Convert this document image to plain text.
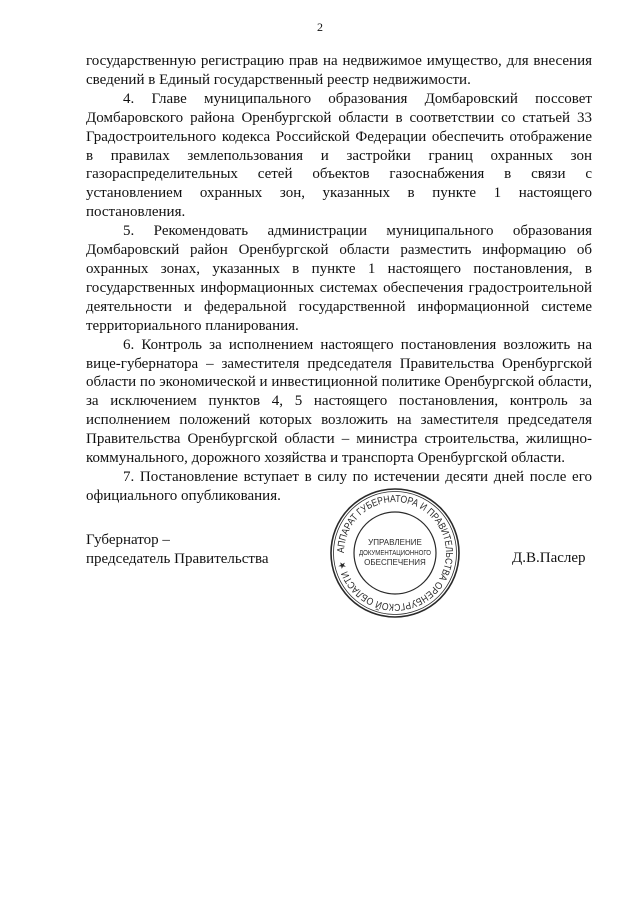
2

государственную регистрацию прав на недвижимое имущество, для внесения сведений в Единый государственный реестр недвижимости.

4. Главе муниципального образования Домбаровский поссовет Домбаровского района Оренбургской области в соответствии со статьей 33 Градостроительного кодекса Российской Федерации обеспечить отображение в правилах землепользования и застройки границ охранных зон газораспределительных сетей объектов газоснабжения в связи с установлением охранных зон, указанных в пункте 1 настоящего постановления.

5. Рекомендовать администрации муниципального образования Домбаровский район Оренбургской области разместить информацию об охранных зонах, указанных в пункте 1 настоящего постановления, в государственных информационных системах обеспечения градостроительной деятельности и федеральной государственной информационной системе территориального планирования.

6. Контроль за исполнением настоящего постановления возложить на вице-губернатора – заместителя председателя Правительства Оренбургской области по экономической и инвестиционной политике Оренбургской области, за исключением пунктов 4, 5 настоящего постановления, контроль за исполнением положений которых возложить на заместителя председателя Правительства Оренбургской области – министра строительства, жилищно-коммунального, дорожного хозяйства и транспорта Оренбургской области.

7. Постановление вступает в силу по истечении десяти дней после его официального опубликования.

Губернатор –
председатель Правительства	Д.В.Паслер
АППАРАТ ГУБЕРНАТОРА И ПРАВИТЕЛЬСТВА ОРЕНБУРГСКОЙ ОБЛАСТИ ★
УПРАВЛЕНИЕ
ДОКУМЕНТАЦИОННОГО
ОБЕСПЕЧЕНИЯ
